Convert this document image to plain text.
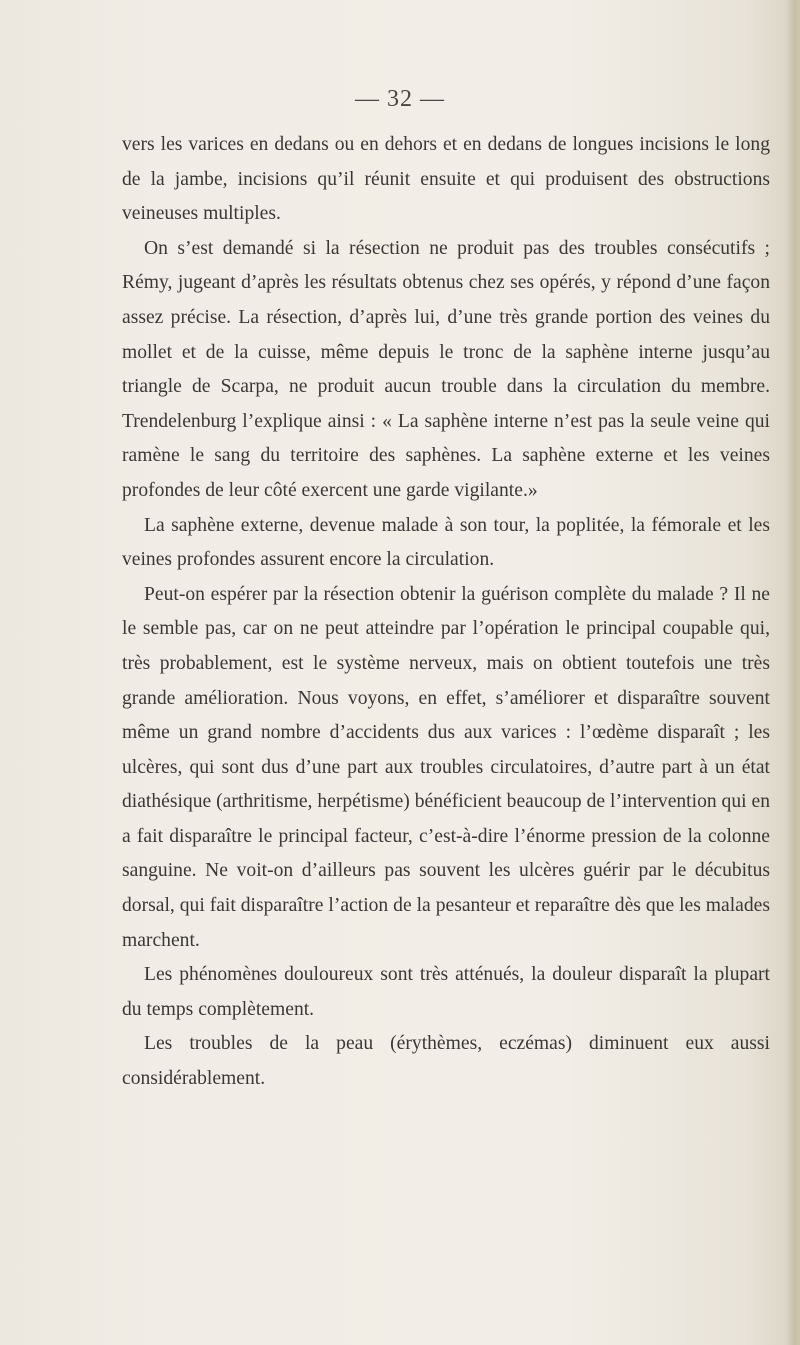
— 32 —

vers les varices en dedans ou en dehors et en dedans de longues incisions le long de la jambe, incisions qu’il réunit ensuite et qui produisent des obstructions veineuses multiples.

On s’est demandé si la résection ne produit pas des troubles consécutifs ; Rémy, jugeant d’après les résultats obtenus chez ses opérés, y répond d’une façon assez précise. La résection, d’après lui, d’une très grande portion des veines du mollet et de la cuisse, même depuis le tronc de la saphène interne jusqu’au triangle de Scarpa, ne produit aucun trouble dans la circulation du membre. Trendelenburg l’explique ainsi : « La saphène interne n’est pas la seule veine qui ramène le sang du territoire des saphènes. La saphène externe et les veines profondes de leur côté exercent une garde vigilante.»

La saphène externe, devenue malade à son tour, la poplitée, la fémorale et les veines profondes assurent encore la circulation.

Peut-on espérer par la résection obtenir la guérison complète du malade ? Il ne le semble pas, car on ne peut atteindre par l’opération le principal coupable qui, très probablement, est le système nerveux, mais on obtient toutefois une très grande amélioration. Nous voyons, en effet, s’améliorer et disparaître souvent même un grand nombre d’accidents dus aux varices : l’œdème disparaît ; les ulcères, qui sont dus d’une part aux troubles circulatoires, d’autre part à un état diathésique (arthritisme, herpétisme) bénéficient beaucoup de l’intervention qui en a fait disparaître le principal facteur, c’est-à-dire l’énorme pression de la colonne sanguine. Ne voit-on d’ailleurs pas souvent les ulcères guérir par le décubitus dorsal, qui fait disparaître l’action de la pesanteur et reparaître dès que les malades marchent.

Les phénomènes douloureux sont très atténués, la douleur disparaît la plupart du temps complètement.

Les troubles de la peau (érythèmes, eczémas) diminuent eux aussi considérablement.
